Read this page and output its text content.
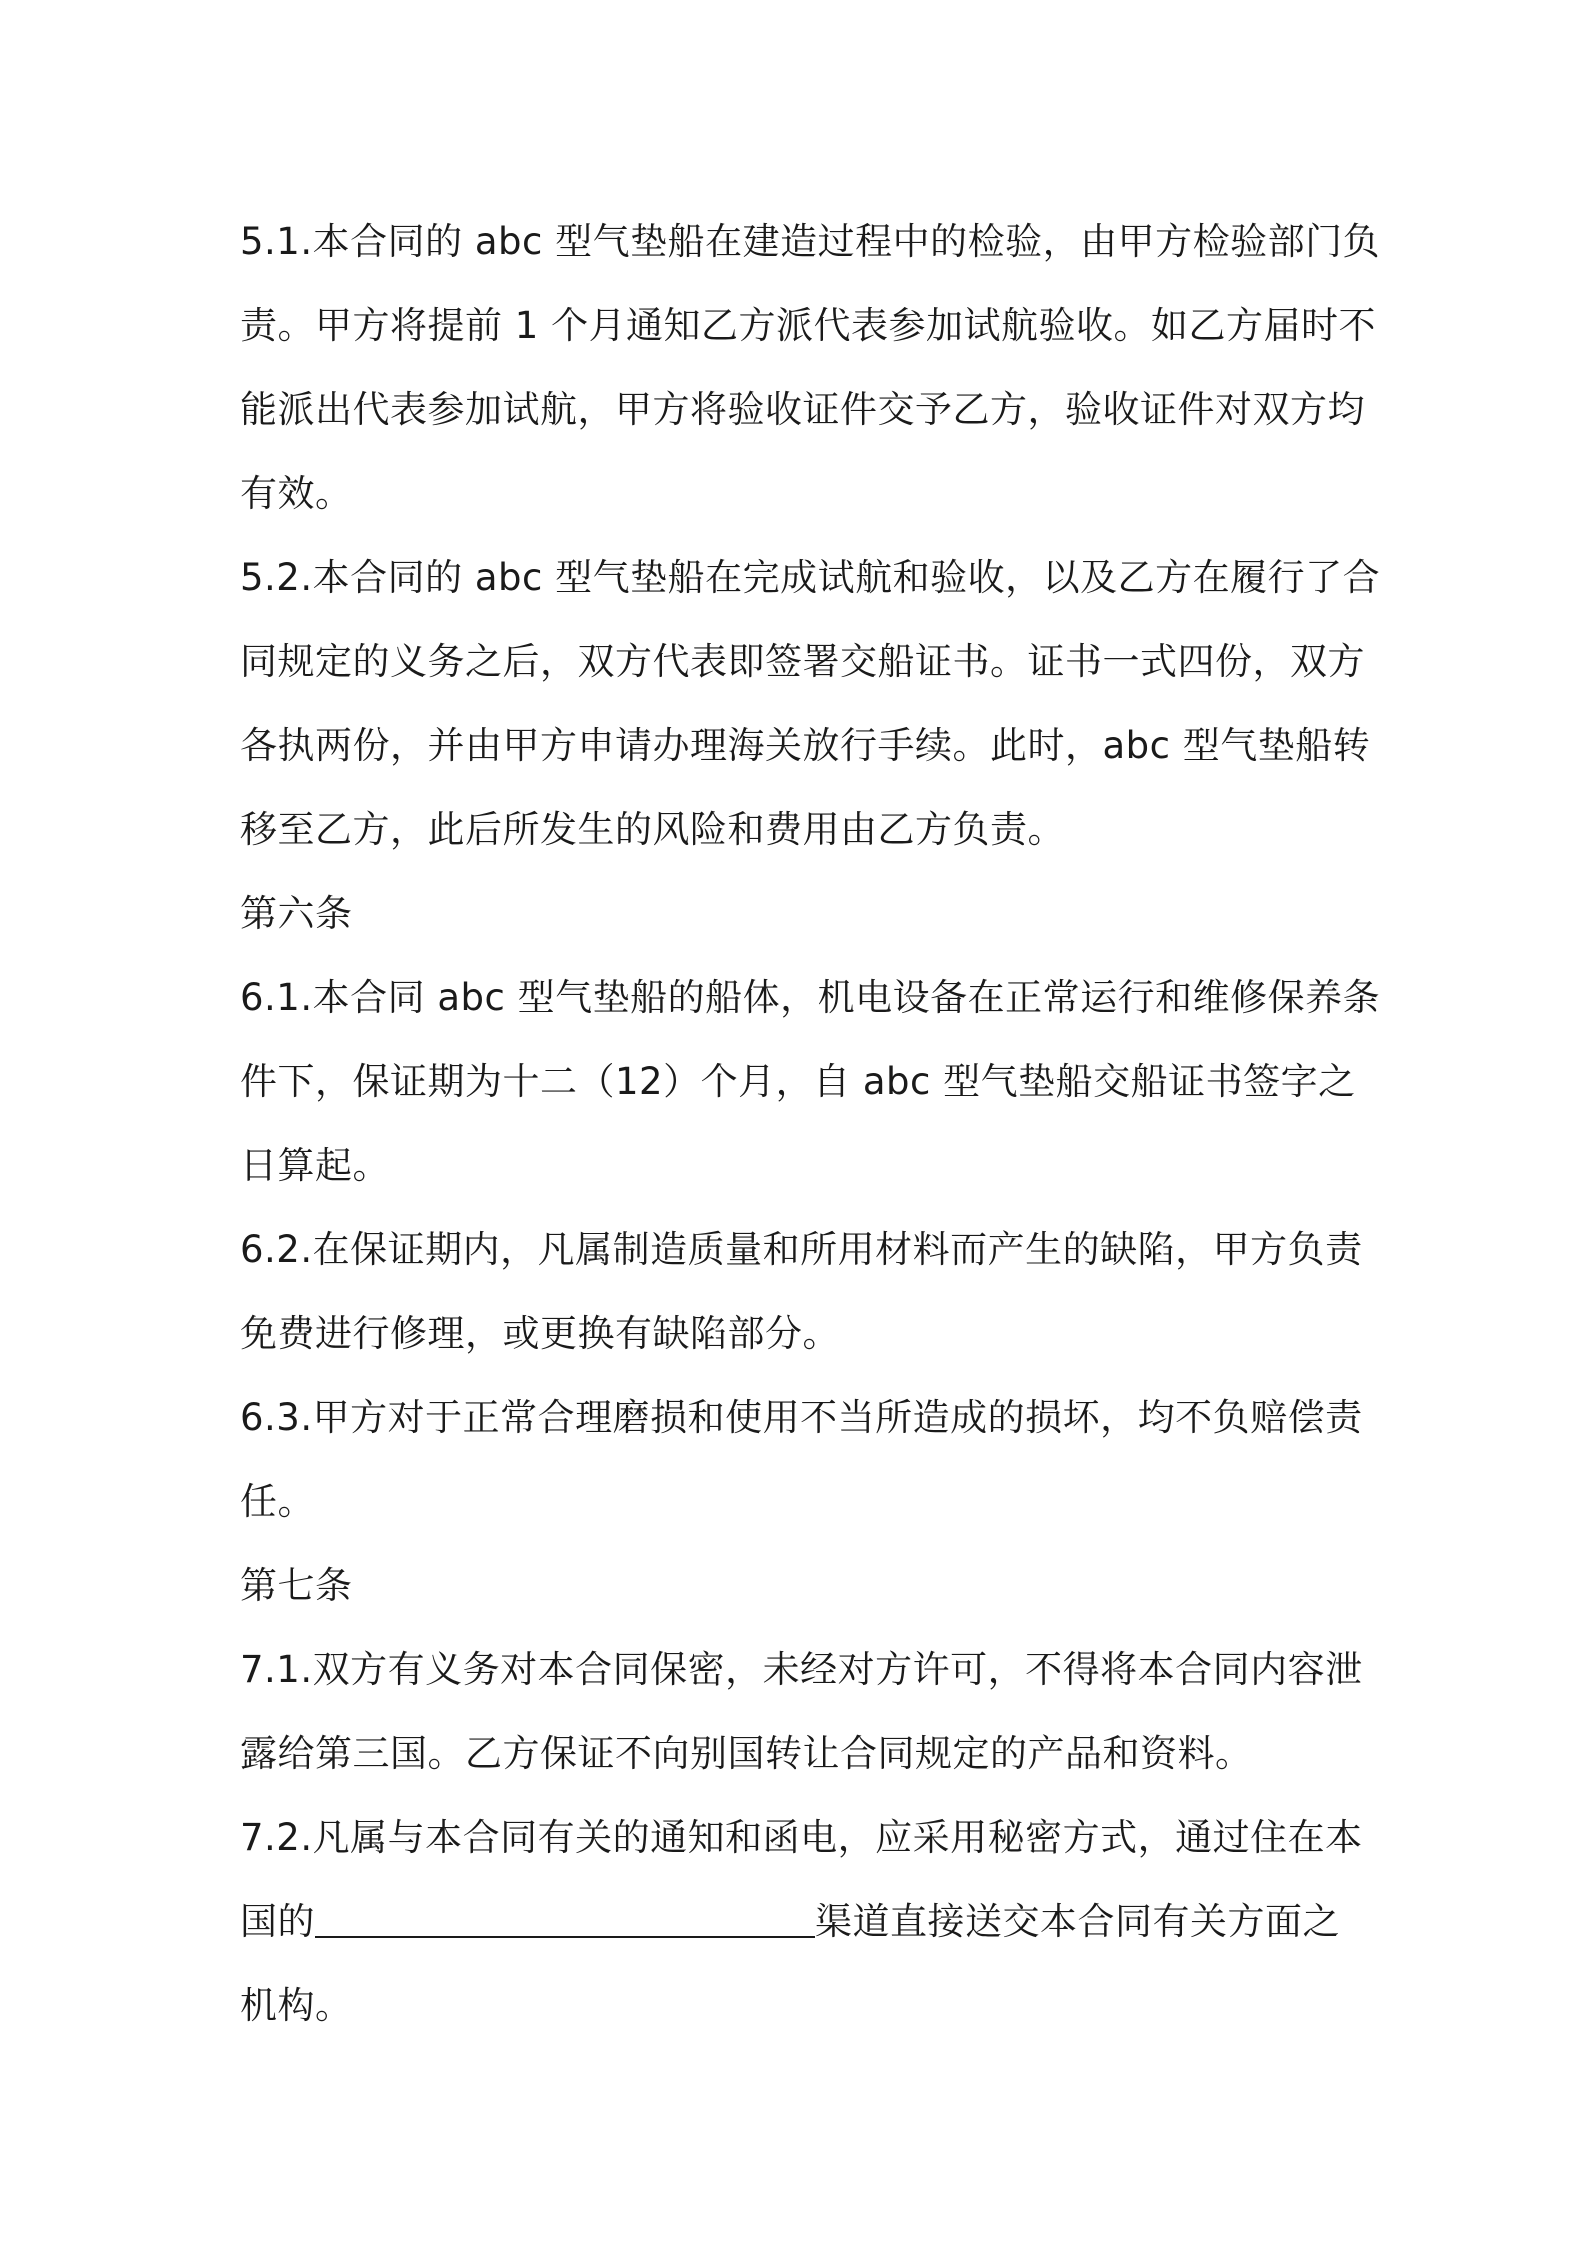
5.1.本合同的 abc 型气垫船在建造过程中的检验，由甲方检验部门负
责。甲方将提前 1 个月通知乙方派代表参加试航验收。如乙方届时不
能派出代表参加试航，甲方将验收证件交予乙方，验收证件对双方均
有效。

5.2.本合同的 abc 型气垫船在完成试航和验收，以及乙方在履行了合
同规定的义务之后，双方代表即签署交船证书。证书一式四份，双方
各执两份，并由甲方申请办理海关放行手续。此时，abc 型气垫船转
移至乙方，此后所发生的风险和费用由乙方负责。

第六条

6.1.本合同 abc 型气垫船的船体，机电设备在正常运行和维修保养条
件下，保证期为十二（12）个月，自 abc 型气垫船交船证书签字之
日算起。

6.2.在保证期内，凡属制造质量和所用材料而产生的缺陷，甲方负责
免费进行修理，或更换有缺陷部分。

6.3.甲方对于正常合理磨损和使用不当所造成的损坏，均不负赔偿责
任。

第七条

7.1.双方有义务对本合同保密，未经对方许可，不得将本合同内容泄
露给第三国。乙方保证不向别国转让合同规定的产品和资料。

7.2.凡属与本合同有关的通知和函电，应采用秘密方式，通过住在本
国的	渠道直接送交本合同有关方面之
机构。
